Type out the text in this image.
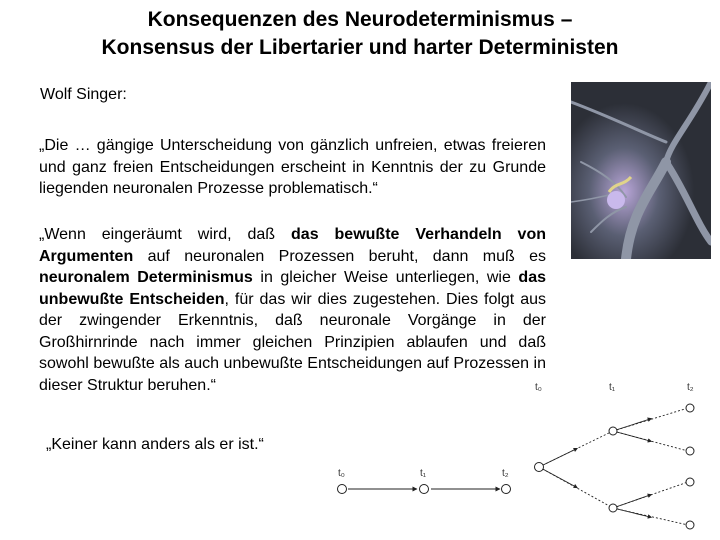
Konsequenzen des Neurodeterminismus –
Konsensus der Libertarier und harter Deterministen
Wolf Singer:
„Die … gängige Unterscheidung von gänzlich unfreien, etwas freieren und ganz freien Entscheidungen erscheint in Kenntnis der zu Grunde liegenden neuronalen Prozesse problematisch.“
„Wenn eingeräumt wird, daß das bewußte Verhandeln von Argumenten auf neuronalen Prozessen beruht, dann muß es neuronalem Determinismus in gleicher Weise unterliegen, wie das unbewußte Entscheiden, für das wir dies zugestehen. Dies folgt aus der zwingender Erkenntnis, daß neuronale Vorgänge in der Großhirnrinde nach immer gleichen Prinzipien ablaufen und daß sowohl bewußte als auch unbewußte Entscheidungen auf Prozessen in dieser Struktur beruhen.“
„Keiner kann anders als er ist.“
t₀	t₁	t₂
t₀	t₁	t₂
